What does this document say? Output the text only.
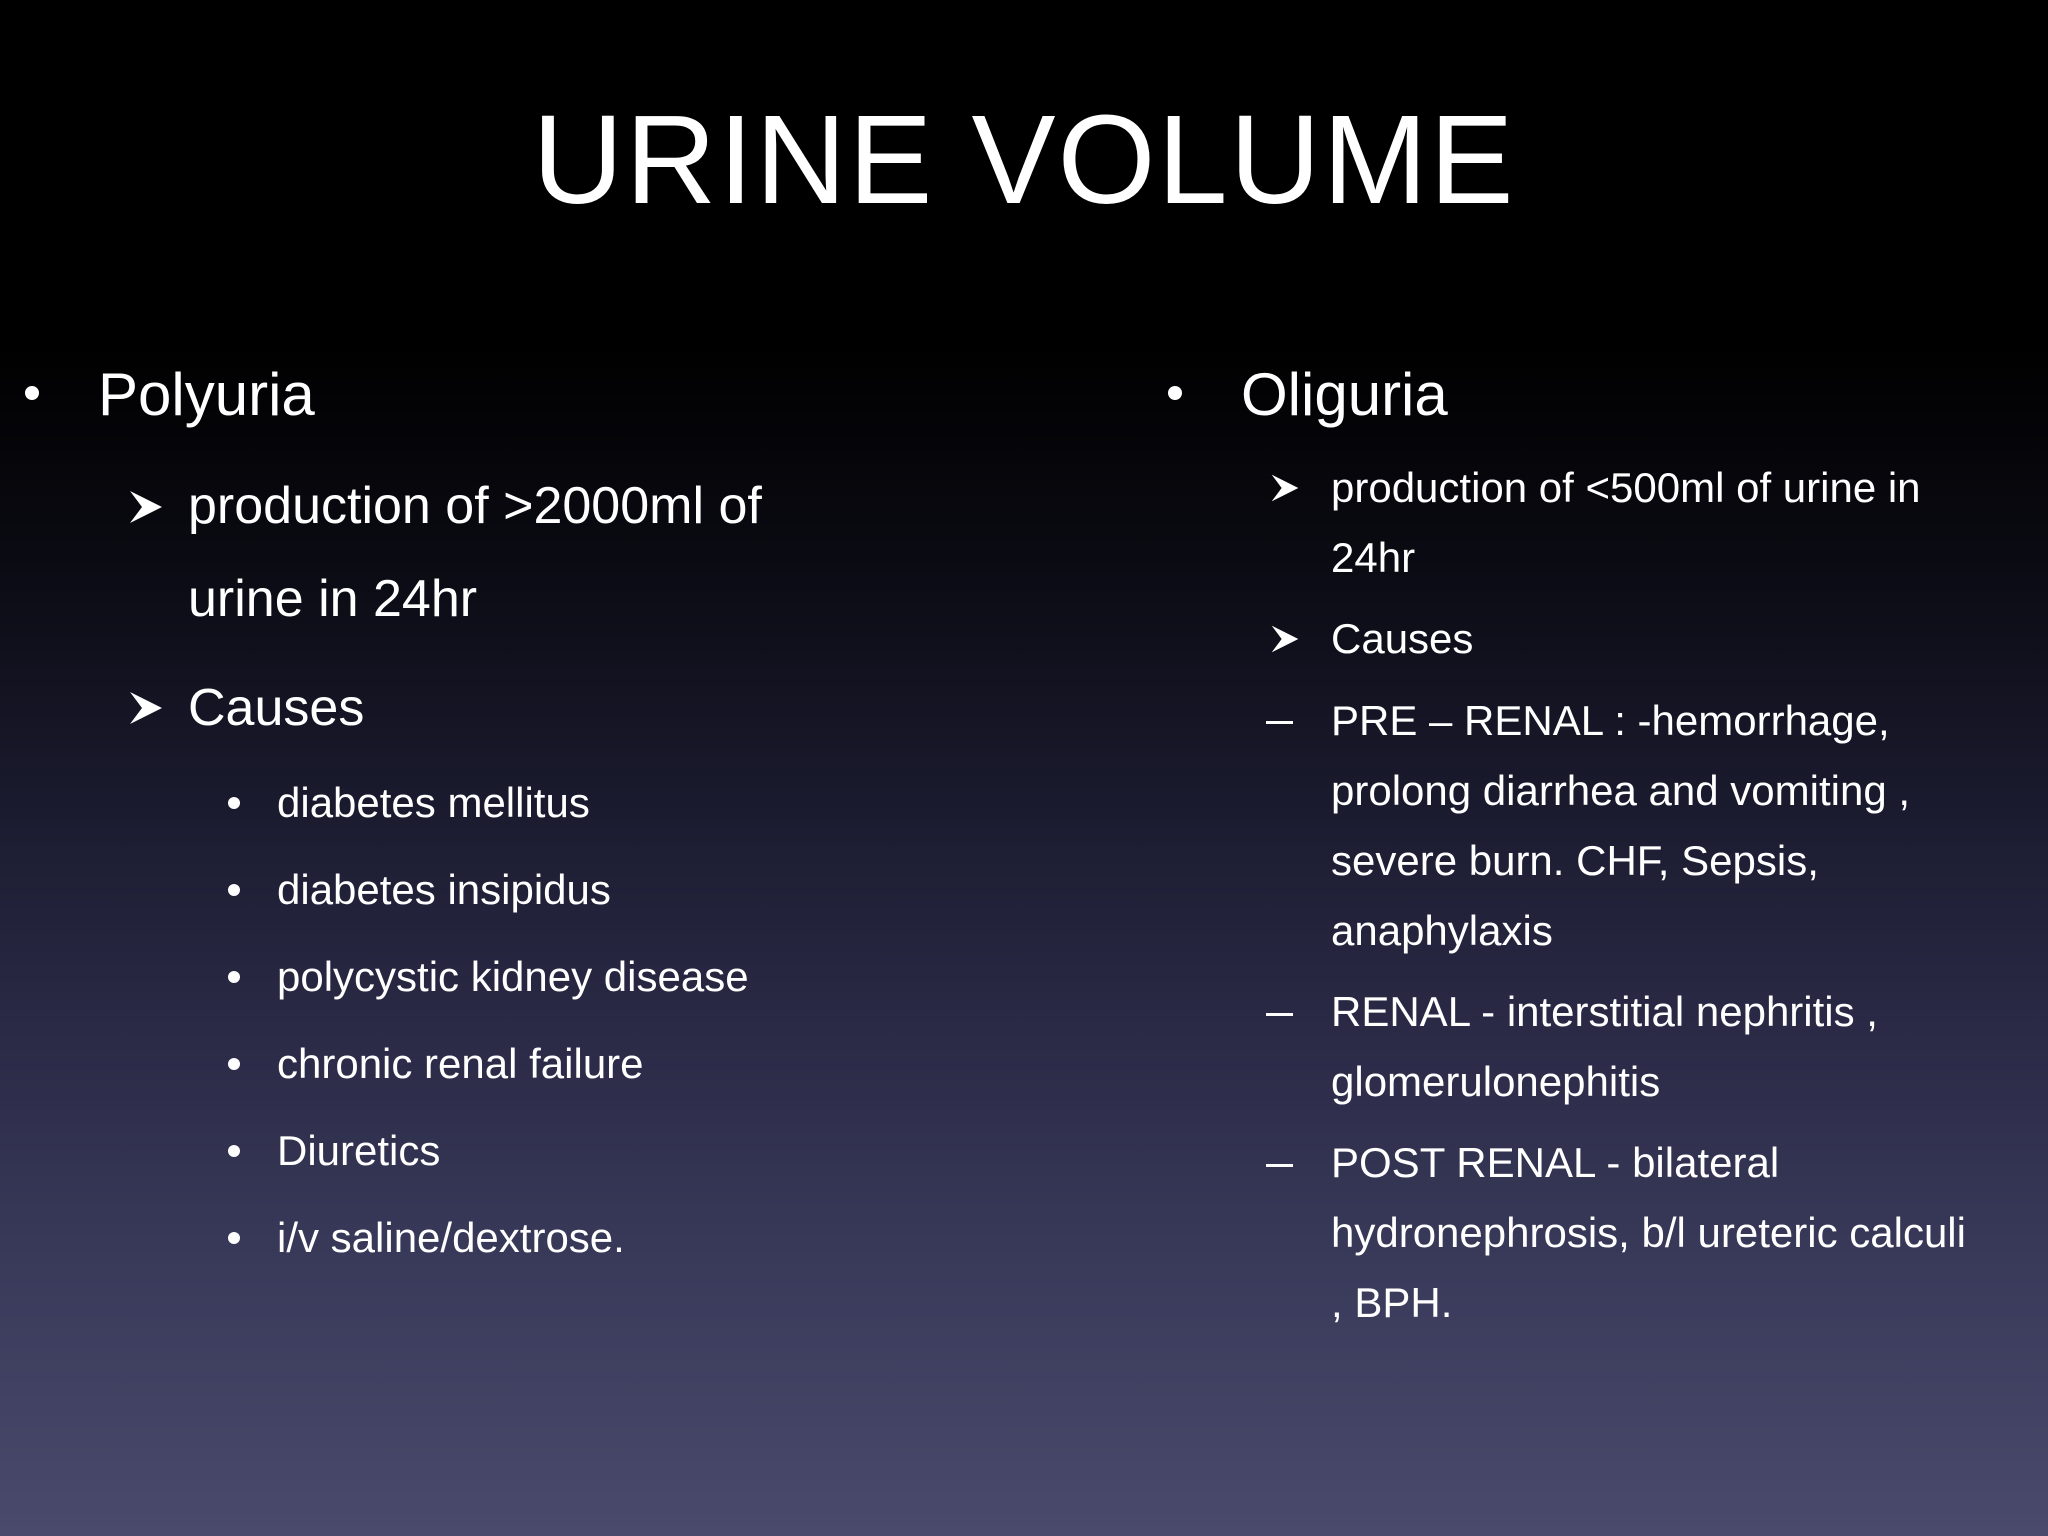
URINE VOLUME
Polyuria
production of >2000ml of
urine in 24hr
Causes
diabetes mellitus
diabetes insipidus
polycystic kidney disease
chronic renal failure
Diuretics
i/v saline/dextrose.
Oliguria
production of <500ml of urine in
24hr
Causes
PRE – RENAL : -hemorrhage,
prolong diarrhea and vomiting ,
severe burn. CHF, Sepsis,
anaphylaxis
RENAL - interstitial nephritis ,
glomerulonephitis
POST RENAL - bilateral
hydronephrosis, b/l ureteric calculi
, BPH.
